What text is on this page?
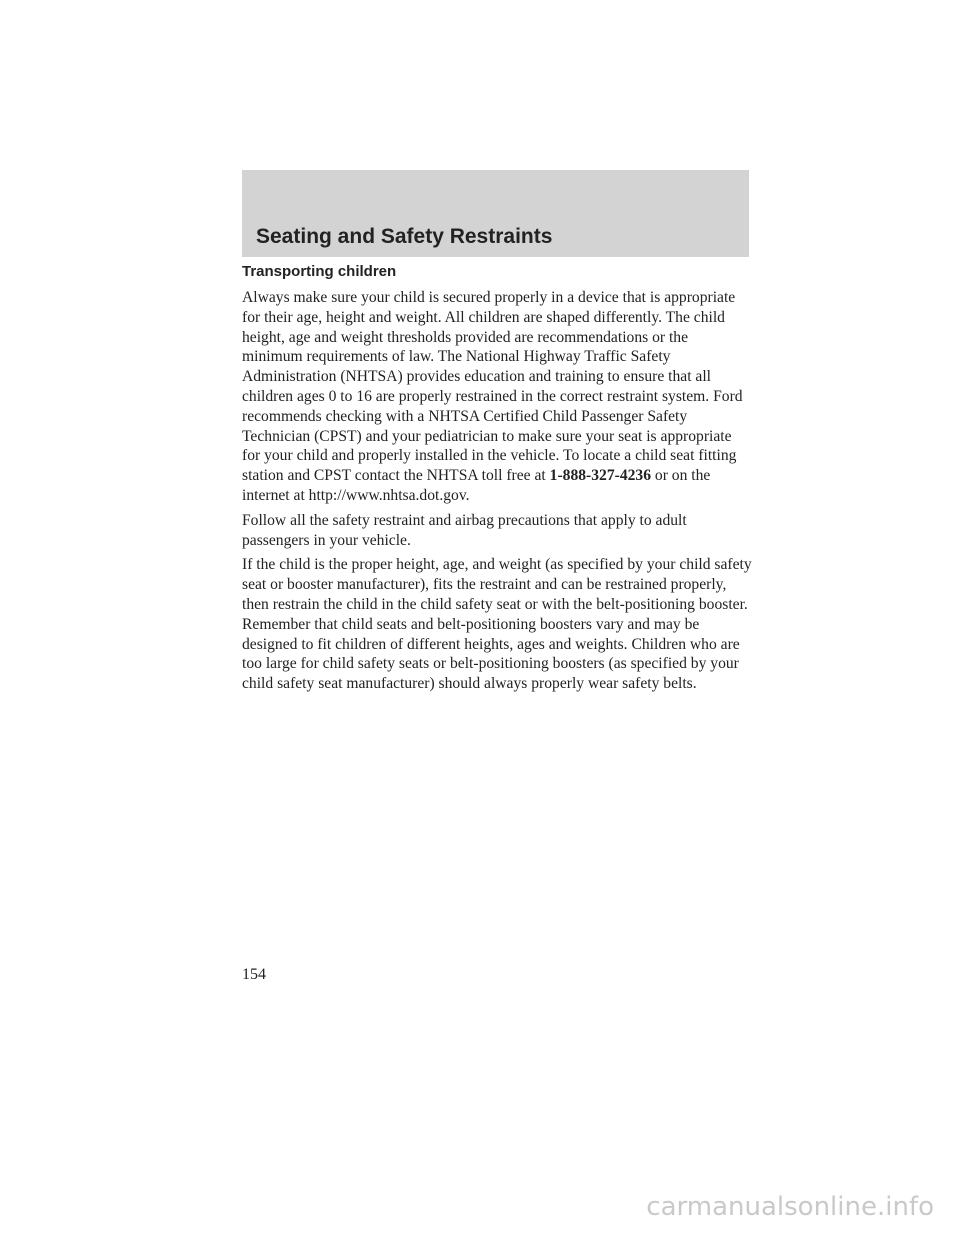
Seating and Safety Restraints
Transporting children

Always make sure your child is secured properly in a device that is appropriate for their age, height and weight. All children are shaped differently. The child height, age and weight thresholds provided are recommendations or the minimum requirements of law. The National Highway Traffic Safety Administration (NHTSA) provides education and training to ensure that all children ages 0 to 16 are properly restrained in the correct restraint system. Ford recommends checking with a NHTSA Certified Child Passenger Safety Technician (CPST) and your pediatrician to make sure your seat is appropriate for your child and properly installed in the vehicle. To locate a child seat fitting station and CPST contact the NHTSA toll free at 1-888-327-4236 or on the internet at http://www.nhtsa.dot.gov.

Follow all the safety restraint and airbag precautions that apply to adult passengers in your vehicle.

If the child is the proper height, age, and weight (as specified by your child safety seat or booster manufacturer), fits the restraint and can be restrained properly, then restrain the child in the child safety seat or with the belt-positioning booster. Remember that child seats and belt-positioning boosters vary and may be designed to fit children of different heights, ages and weights. Children who are too large for child safety seats or belt-positioning boosters (as specified by your child safety seat manufacturer) should always properly wear safety belts.

154

carmanualsonline.info
